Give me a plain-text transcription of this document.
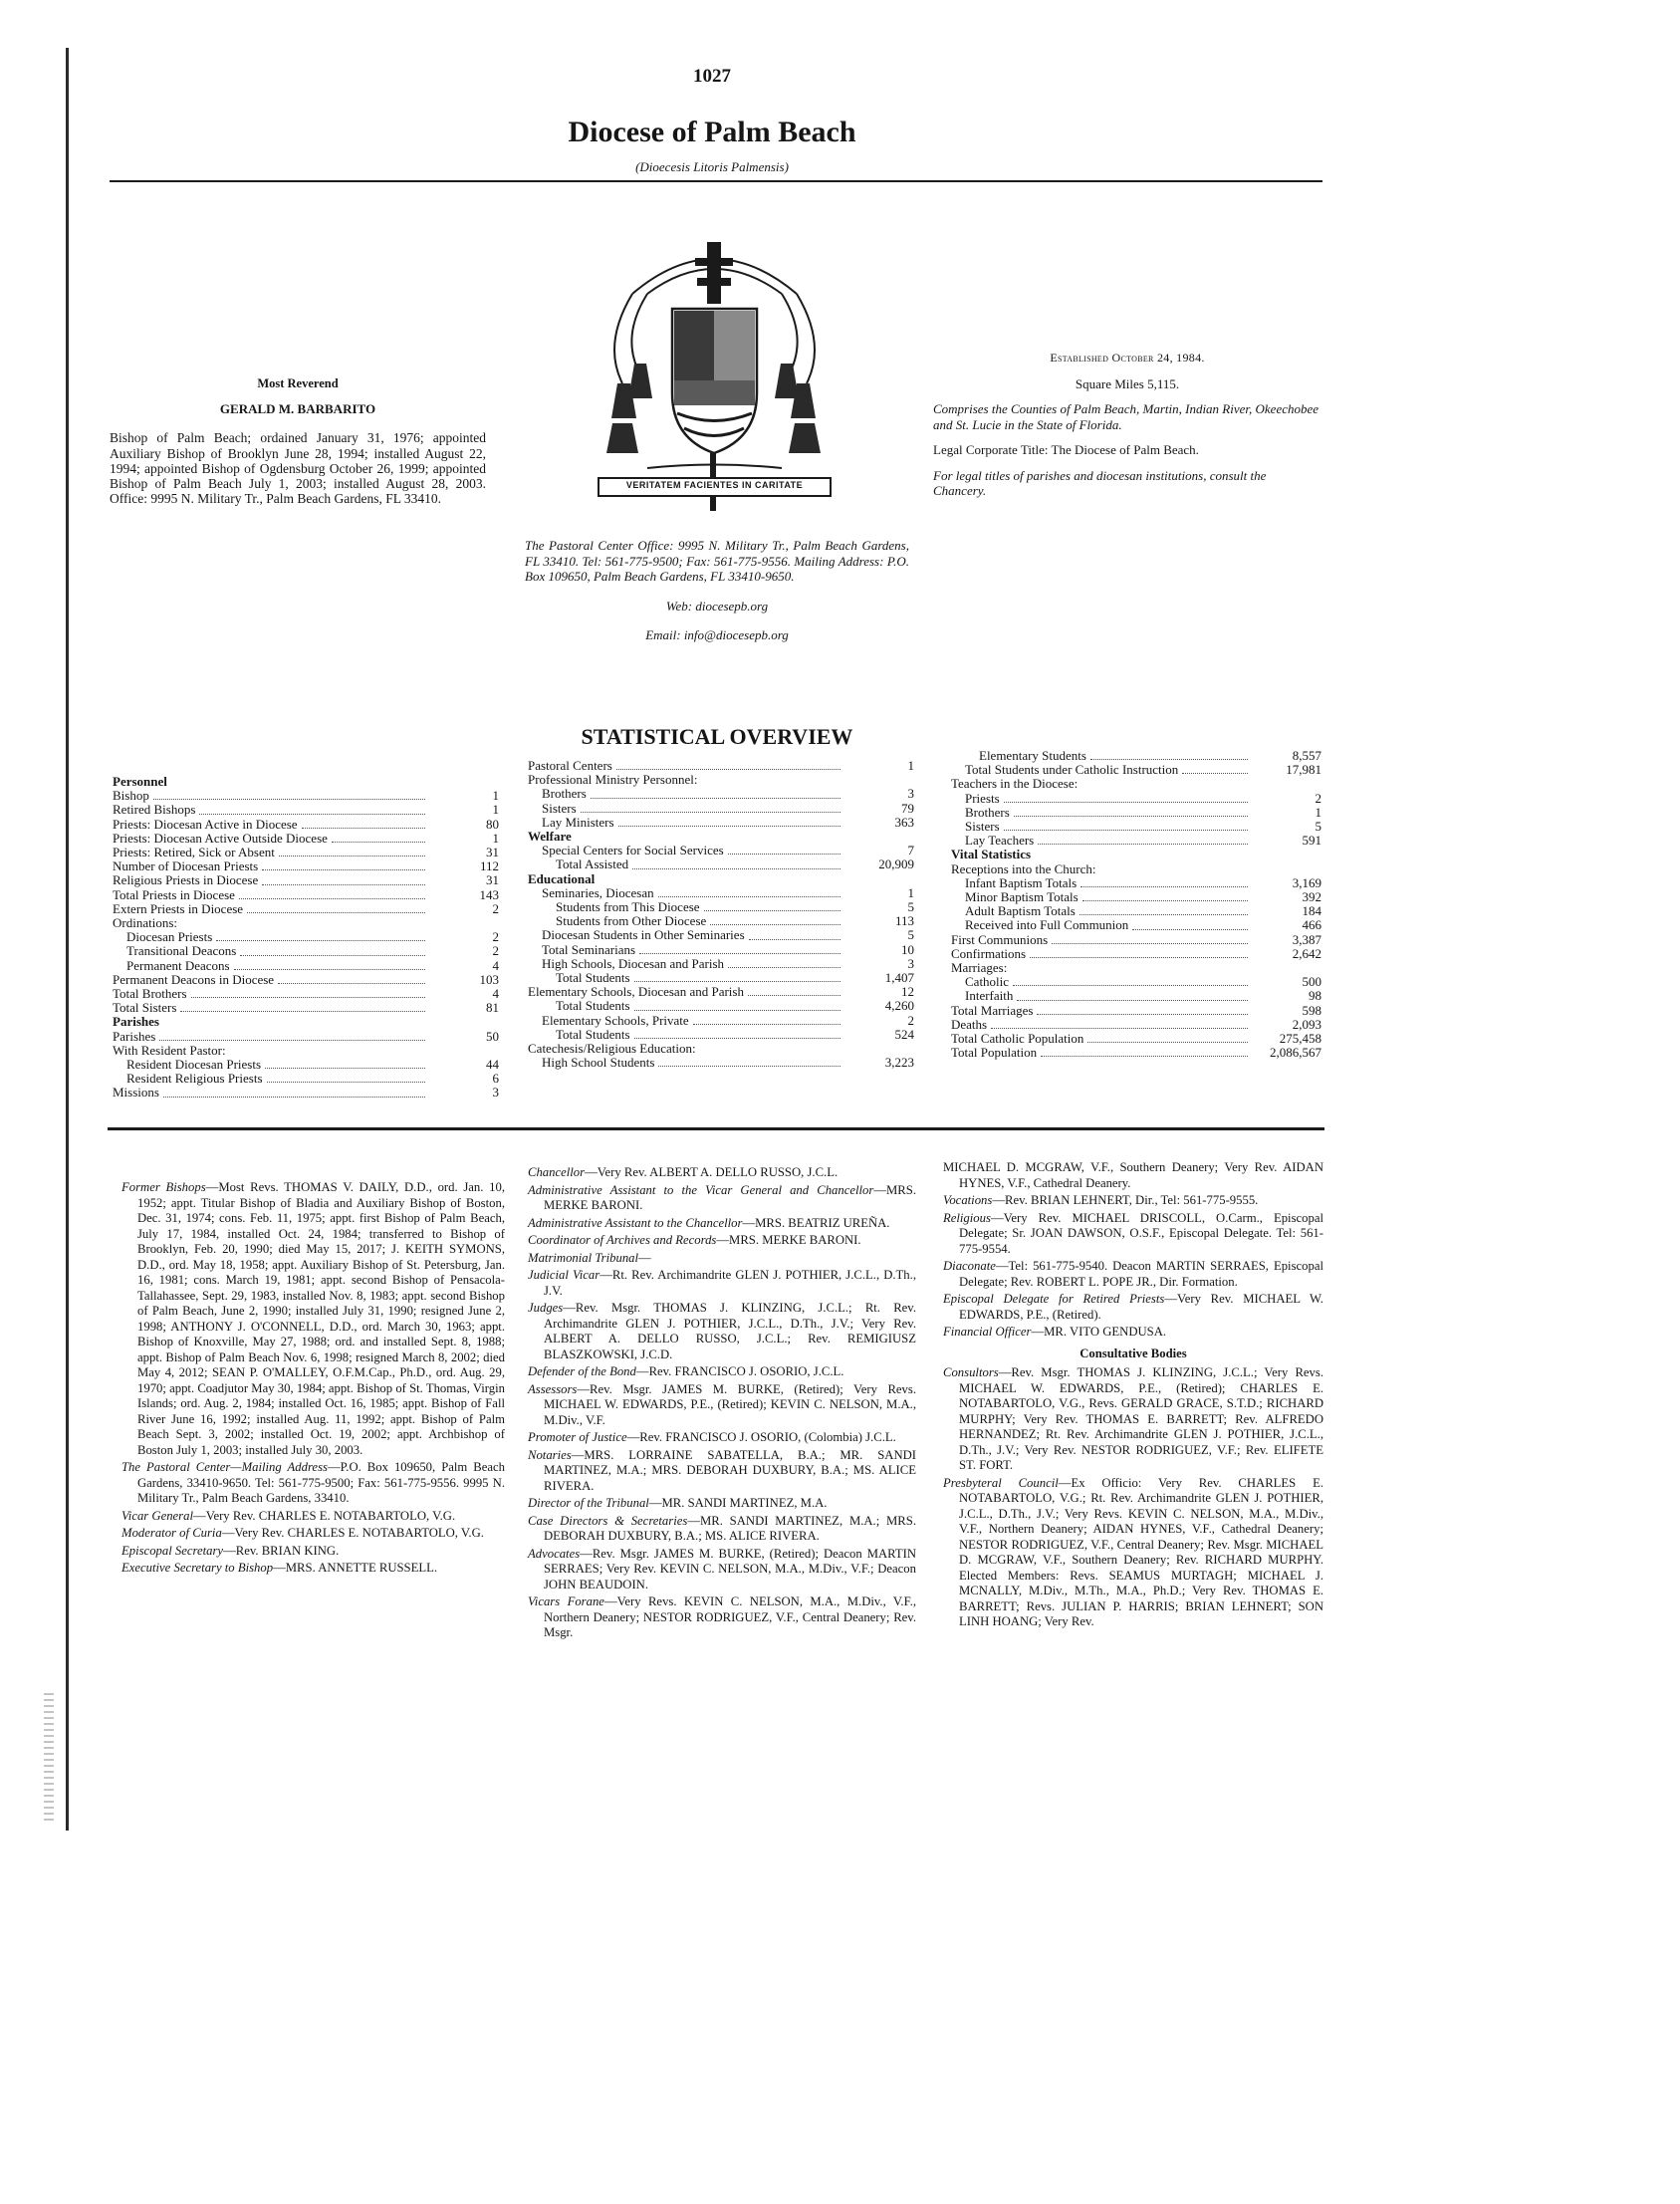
1027
Diocese of Palm Beach
(Dioecesis Litoris Palmensis)
Most Reverend
GERALD M. BARBARITO
Bishop of Palm Beach; ordained January 31, 1976; appointed Auxiliary Bishop of Brooklyn June 28, 1994; installed August 22, 1994; appointed Bishop of Ogdensburg October 26, 1999; appointed Bishop of Palm Beach July 1, 2003; installed August 28, 2003. Office: 9995 N. Military Tr., Palm Beach Gardens, FL 33410.
VERITATEM FACIENTES IN CARITATE
The Pastoral Center Office: 9995 N. Military Tr., Palm Beach Gardens, FL 33410. Tel: 561-775-9500; Fax: 561-775-9556. Mailing Address: P.O. Box 109650, Palm Beach Gardens, FL 33410-9650.
Web: diocesepb.org
Email: info@diocesepb.org
Established October 24, 1984.
Square Miles 5,115.
Comprises the Counties of Palm Beach, Martin, Indian River, Okeechobee and St. Lucie in the State of Florida.
Legal Corporate Title: The Diocese of Palm Beach.
For legal titles of parishes and diocesan institutions, consult the Chancery.
STATISTICAL OVERVIEW
Personnel
Bishop	1
Retired Bishops	1
Priests: Diocesan Active in Diocese	80
Priests: Diocesan Active Outside Diocese	1
Priests: Retired, Sick or Absent	31
Number of Diocesan Priests	112
Religious Priests in Diocese	31
Total Priests in Diocese	143
Extern Priests in Diocese	2
Ordinations:
Diocesan Priests	2
Transitional Deacons	2
Permanent Deacons	4
Permanent Deacons in Diocese	103
Total Brothers	4
Total Sisters	81
Parishes
Parishes	50
With Resident Pastor:
Resident Diocesan Priests	44
Resident Religious Priests	6
Missions	3
Pastoral Centers	1
Professional Ministry Personnel:
Brothers	3
Sisters	79
Lay Ministers	363
Welfare
Special Centers for Social Services	7
Total Assisted	20,909
Educational
Seminaries, Diocesan	1
Students from This Diocese	5
Students from Other Diocese	113
Diocesan Students in Other Seminaries	5
Total Seminarians	10
High Schools, Diocesan and Parish	3
Total Students	1,407
Elementary Schools, Diocesan and Parish	12
Total Students	4,260
Elementary Schools, Private	2
Total Students	524
Catechesis/Religious Education:
High School Students	3,223
Elementary Students	8,557
Total Students under Catholic Instruction	17,981
Teachers in the Diocese:
Priests	2
Brothers	1
Sisters	5
Lay Teachers	591
Vital Statistics
Receptions into the Church:
Infant Baptism Totals	3,169
Minor Baptism Totals	392
Adult Baptism Totals	184
Received into Full Communion	466
First Communions	3,387
Confirmations	2,642
Marriages:
Catholic	500
Interfaith	98
Total Marriages	598
Deaths	2,093
Total Catholic Population	275,458
Total Population	2,086,567

Former Bishops—Most Revs. THOMAS V. DAILY, D.D., ord. Jan. 10, 1952; appt. Titular Bishop of Bladia and Auxiliary Bishop of Boston, Dec. 31, 1974; cons. Feb. 11, 1975; appt. first Bishop of Palm Beach, July 17, 1984, installed Oct. 24, 1984; transferred to Bishop of Brooklyn, Feb. 20, 1990; died May 15, 2017; J. KEITH SYMONS, D.D., ord. May 18, 1958; appt. Auxiliary Bishop of St. Petersburg, Jan. 16, 1981; cons. March 19, 1981; appt. second Bishop of Pensacola-Tallahassee, Sept. 29, 1983, installed Nov. 8, 1983; appt. second Bishop of Palm Beach, June 2, 1990; installed July 31, 1990; resigned June 2, 1998; ANTHONY J. O'CONNELL, D.D., ord. March 30, 1963; appt. Bishop of Knoxville, May 27, 1988; ord. and installed Sept. 8, 1988; appt. Bishop of Palm Beach Nov. 6, 1998; resigned March 8, 2002; died May 4, 2012; SEAN P. O'MALLEY, O.F.M.Cap., Ph.D., ord. Aug. 29, 1970; appt. Coadjutor May 30, 1984; appt. Bishop of St. Thomas, Virgin Islands; ord. Aug. 2, 1984; installed Oct. 16, 1985; appt. Bishop of Fall River June 16, 1992; installed Aug. 11, 1992; appt. Bishop of Palm Beach Sept. 3, 2002; installed Oct. 19, 2002; appt. Archbishop of Boston July 1, 2003; installed July 30, 2003.

The Pastoral Center—Mailing Address—P.O. Box 109650, Palm Beach Gardens, 33410-9650. Tel: 561-775-9500; Fax: 561-775-9556. 9995 N. Military Tr., Palm Beach Gardens, 33410.

Vicar General—Very Rev. CHARLES E. NOTABARTOLO, V.G.

Moderator of Curia—Very Rev. CHARLES E. NOTABARTOLO, V.G.

Episcopal Secretary—Rev. BRIAN KING.

Executive Secretary to Bishop—MRS. ANNETTE RUSSELL.

Chancellor—Very Rev. ALBERT A. DELLO RUSSO, J.C.L.

Administrative Assistant to the Vicar General and Chancellor—MRS. MERKE BARONI.

Administrative Assistant to the Chancellor—MRS. BEATRIZ UREÑA.

Coordinator of Archives and Records—MRS. MERKE BARONI.

Matrimonial Tribunal—

Judicial Vicar—Rt. Rev. Archimandrite GLEN J. POTHIER, J.C.L., D.Th., J.V.

Judges—Rev. Msgr. THOMAS J. KLINZING, J.C.L.; Rt. Rev. Archimandrite GLEN J. POTHIER, J.C.L., D.Th., J.V.; Very Rev. ALBERT A. DELLO RUSSO, J.C.L.; Rev. REMIGIUSZ BLASZKOWSKI, J.C.D.

Defender of the Bond—Rev. FRANCISCO J. OSORIO, J.C.L.

Assessors—Rev. Msgr. JAMES M. BURKE, (Retired); Very Revs. MICHAEL W. EDWARDS, P.E., (Retired); KEVIN C. NELSON, M.A., M.Div., V.F.

Promoter of Justice—Rev. FRANCISCO J. OSORIO, (Colombia) J.C.L.

Notaries—MRS. LORRAINE SABATELLA, B.A.; MR. SANDI MARTINEZ, M.A.; MRS. DEBORAH DUXBURY, B.A.; MS. ALICE RIVERA.

Director of the Tribunal—MR. SANDI MARTINEZ, M.A.

Case Directors & Secretaries—MR. SANDI MARTINEZ, M.A.; MRS. DEBORAH DUXBURY, B.A.; MS. ALICE RIVERA.

Advocates—Rev. Msgr. JAMES M. BURKE, (Retired); Deacon MARTIN SERRAES; Very Rev. KEVIN C. NELSON, M.A., M.Div., V.F.; Deacon JOHN BEAUDOIN.

Vicars Forane—Very Revs. KEVIN C. NELSON, M.A., M.Div., V.F., Northern Deanery; NESTOR RODRIGUEZ, V.F., Central Deanery; Rev. Msgr.

MICHAEL D. MCGRAW, V.F., Southern Deanery; Very Rev. AIDAN HYNES, V.F., Cathedral Deanery.

Vocations—Rev. BRIAN LEHNERT, Dir., Tel: 561-775-9555.

Religious—Very Rev. MICHAEL DRISCOLL, O.Carm., Episcopal Delegate; Sr. JOAN DAWSON, O.S.F., Episcopal Delegate. Tel: 561-775-9554.

Diaconate—Tel: 561-775-9540. Deacon MARTIN SERRAES, Episcopal Delegate; Rev. ROBERT L. POPE JR., Dir. Formation.

Episcopal Delegate for Retired Priests—Very Rev. MICHAEL W. EDWARDS, P.E., (Retired).

Financial Officer—MR. VITO GENDUSA.

Consultative Bodies

Consultors—Rev. Msgr. THOMAS J. KLINZING, J.C.L.; Very Revs. MICHAEL W. EDWARDS, P.E., (Retired); CHARLES E. NOTABARTOLO, V.G., Revs. GERALD GRACE, S.T.D.; RICHARD MURPHY; Very Rev. THOMAS E. BARRETT; Rev. ALFREDO HERNANDEZ; Rt. Rev. Archimandrite GLEN J. POTHIER, J.C.L., D.Th., J.V.; Very Rev. NESTOR RODRIGUEZ, V.F.; Rev. ELIFETE ST. FORT.

Presbyteral Council—Ex Officio: Very Rev. CHARLES E. NOTABARTOLO, V.G.; Rt. Rev. Archimandrite GLEN J. POTHIER, J.C.L., D.Th., J.V.; Very Revs. KEVIN C. NELSON, M.A., M.Div., V.F., Northern Deanery; AIDAN HYNES, V.F., Cathedral Deanery; NESTOR RODRIGUEZ, V.F., Central Deanery; Rev. Msgr. MICHAEL D. MCGRAW, V.F., Southern Deanery; Rev. RICHARD MURPHY. Elected Members: Revs. SEAMUS MURTAGH; MICHAEL J. MCNALLY, M.Div., M.Th., M.A., Ph.D.; Very Rev. THOMAS E. BARRETT; Revs. JULIAN P. HARRIS; BRIAN LEHNERT; SON LINH HOANG; Very Rev.
